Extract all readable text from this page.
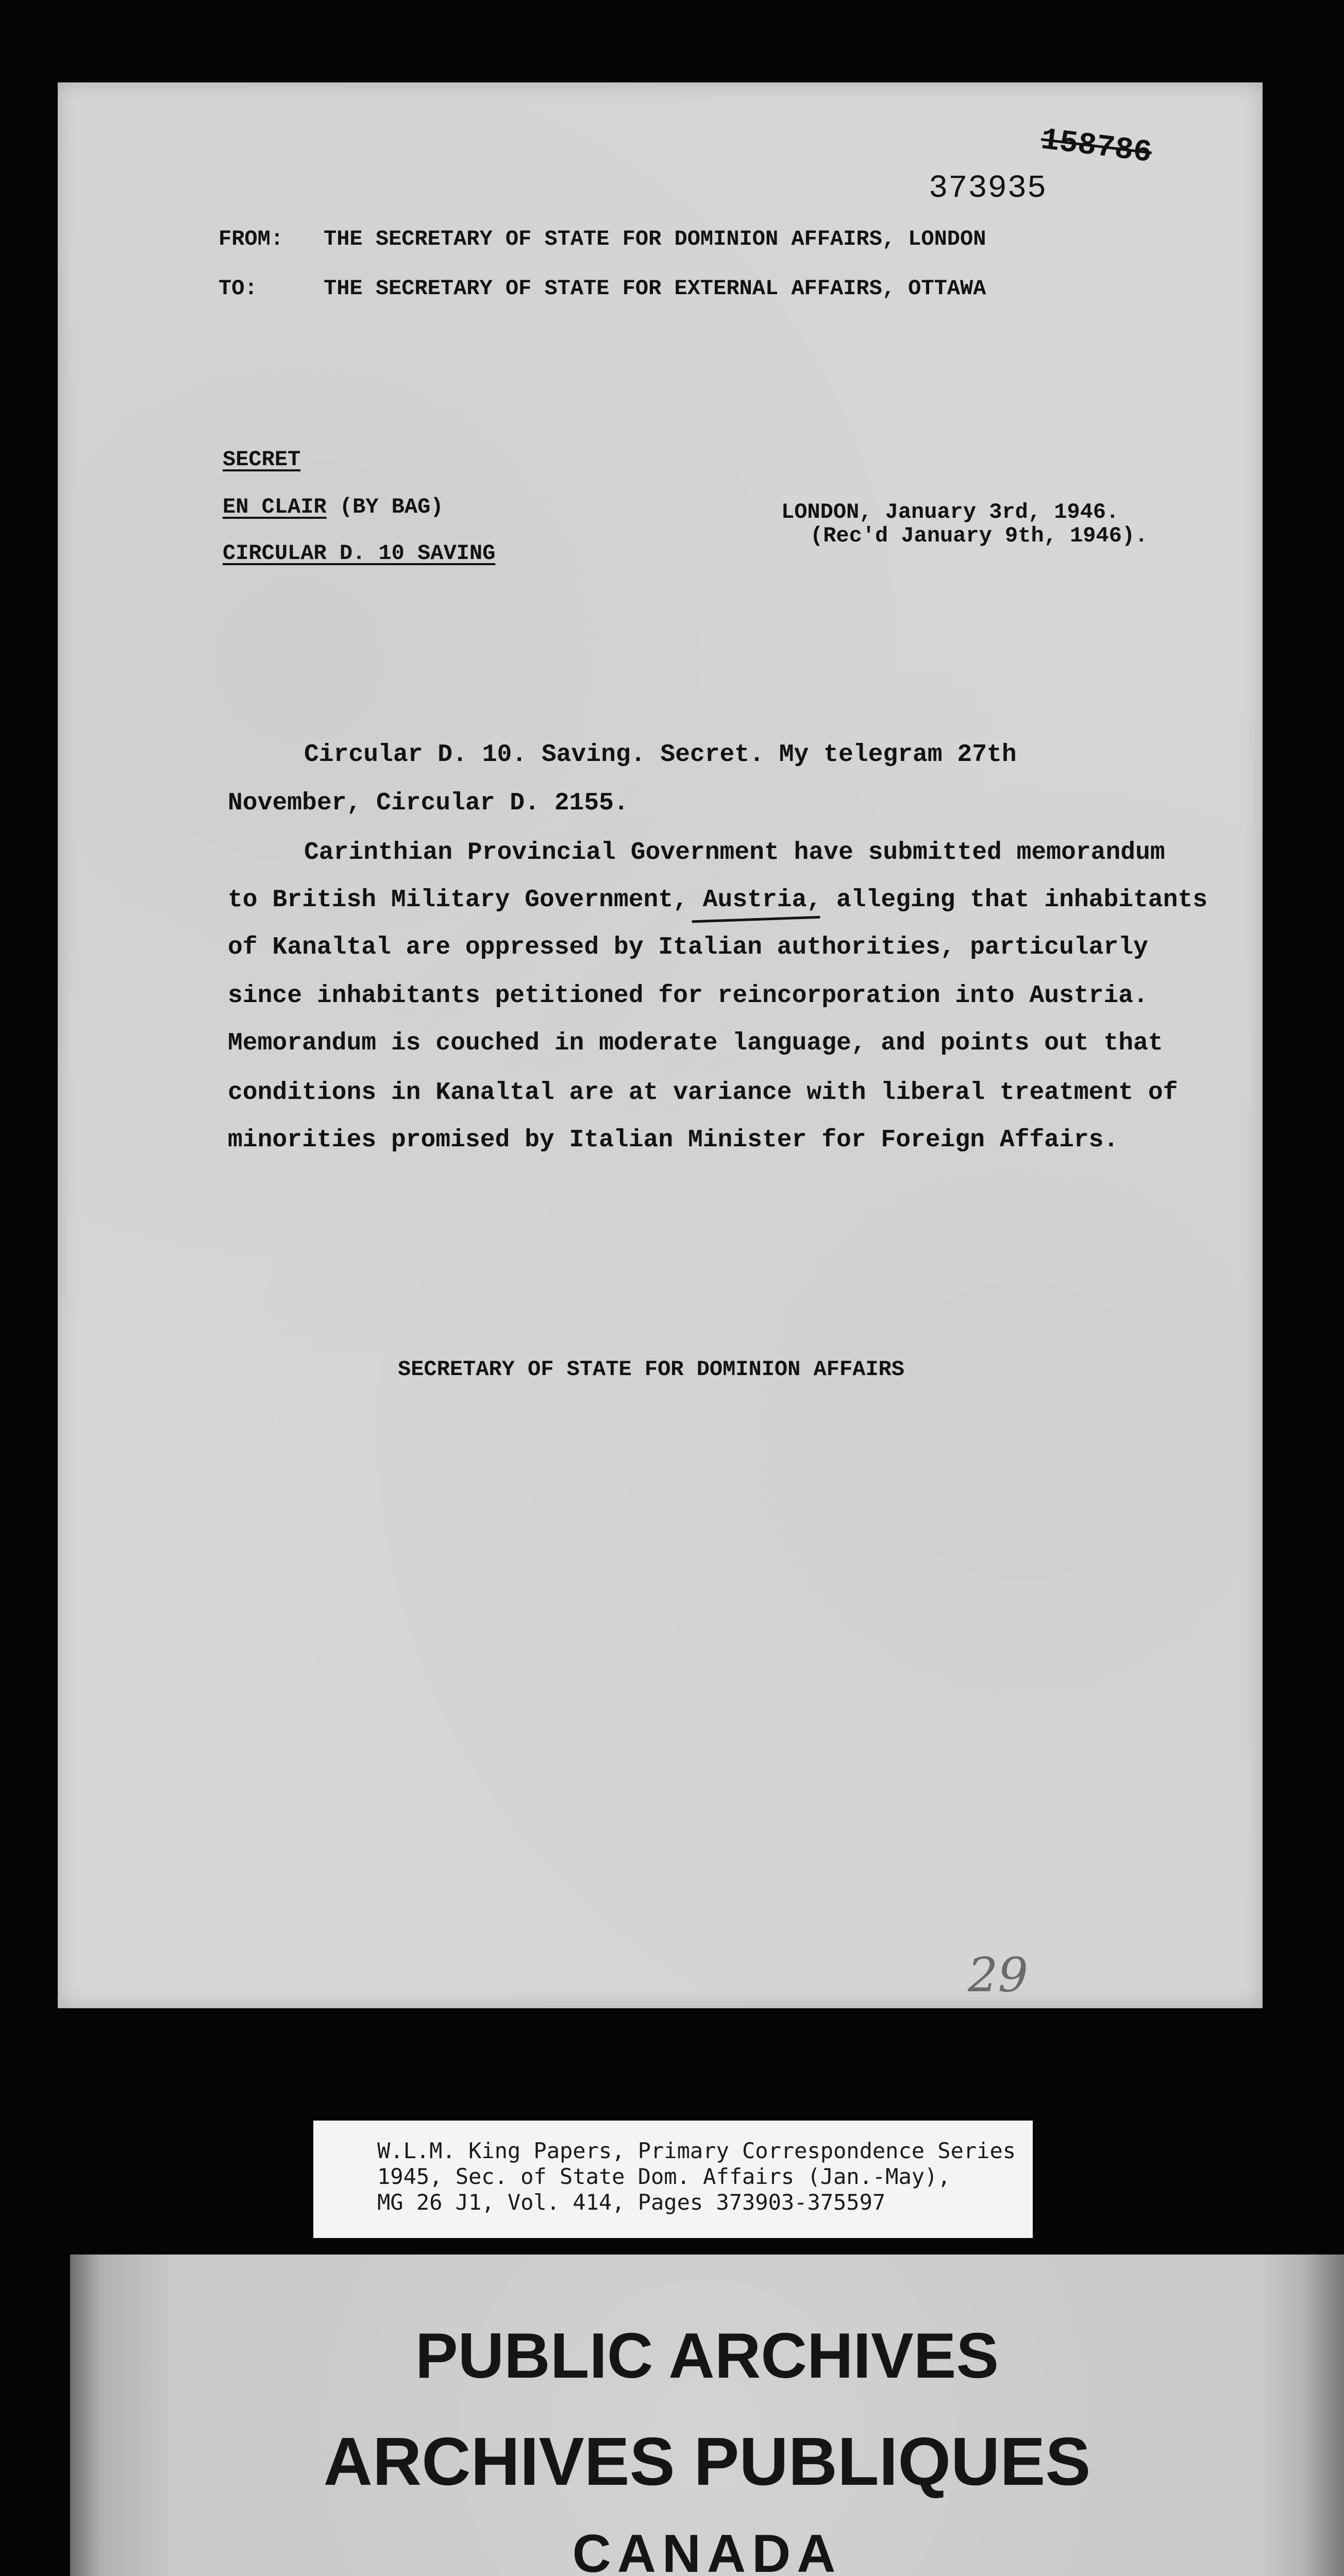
158786

373935

FROM: THE SECRETARY OF STATE FOR DOMINION AFFAIRS, LONDON

TO:	THE SECRETARY OF STATE FOR EXTERNAL AFFAIRS, OTTAWA

SECRET

EN CLAIR (BY BAG)

CIRCULAR D. 10 SAVING

LONDON, January 3rd, 1946.

(Rec'd January 9th, 1946).

Circular D. 10. Saving. Secret. My telegram 27th

November, Circular D. 2155.

Carinthian Provincial Government have submitted memorandum

to British Military Government, Austria, alleging that inhabitants

of Kanaltal are oppressed by Italian authorities, particularly

since inhabitants petitioned for reincorporation into Austria.

Memorandum is couched in moderate language, and points out that

conditions in Kanaltal are at variance with liberal treatment of

minorities promised by Italian Minister for Foreign Affairs.

SECRETARY OF STATE FOR DOMINION AFFAIRS

29

W.L.M. King Papers, Primary Correspondence Series

1945, Sec. of State Dom. Affairs (Jan.-May),

MG 26 J1, Vol. 414, Pages 373903-375597

PUBLIC ARCHIVES

ARCHIVES PUBLIQUES

CANADA
